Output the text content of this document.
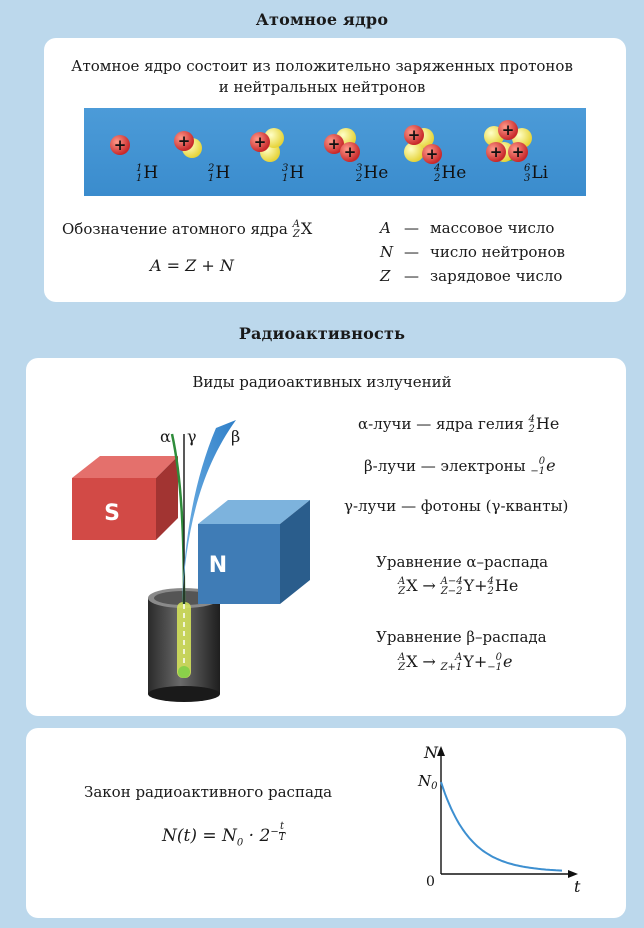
Атомное ядро
Атомное ядро состоит из положительно заряженных протонов
и нейтральных нейтронов
+	+	+	+ +
+
+
+
+ +
1
1 H	2
1 H	3
1 H	3
2 He	4
2 He	6
3 Li
Обозначение атомного ядра A
Z X
A = Z + N
A — массовое число
N — число нейтронов
Z — зарядовое число
Радиоактивность
Виды радиоактивных излучений
S
N
α γ β
α-лучи — ядра гелия 4
2 He
β-лучи — электроны	0
−1 e
γ-лучи — фотоны (γ-кванты)
Уравнение α–распада
A
Z X → A−4
Z−2 Y+ 4
2 He
Уравнение β–распада
A
Z X →	A
Z+1 Y+ 0
−1 e
Закон радиоактивного распада
$N(t) = N_0 \cdot 2- \frac{t}{T}$
N
t
$N_0$
0
